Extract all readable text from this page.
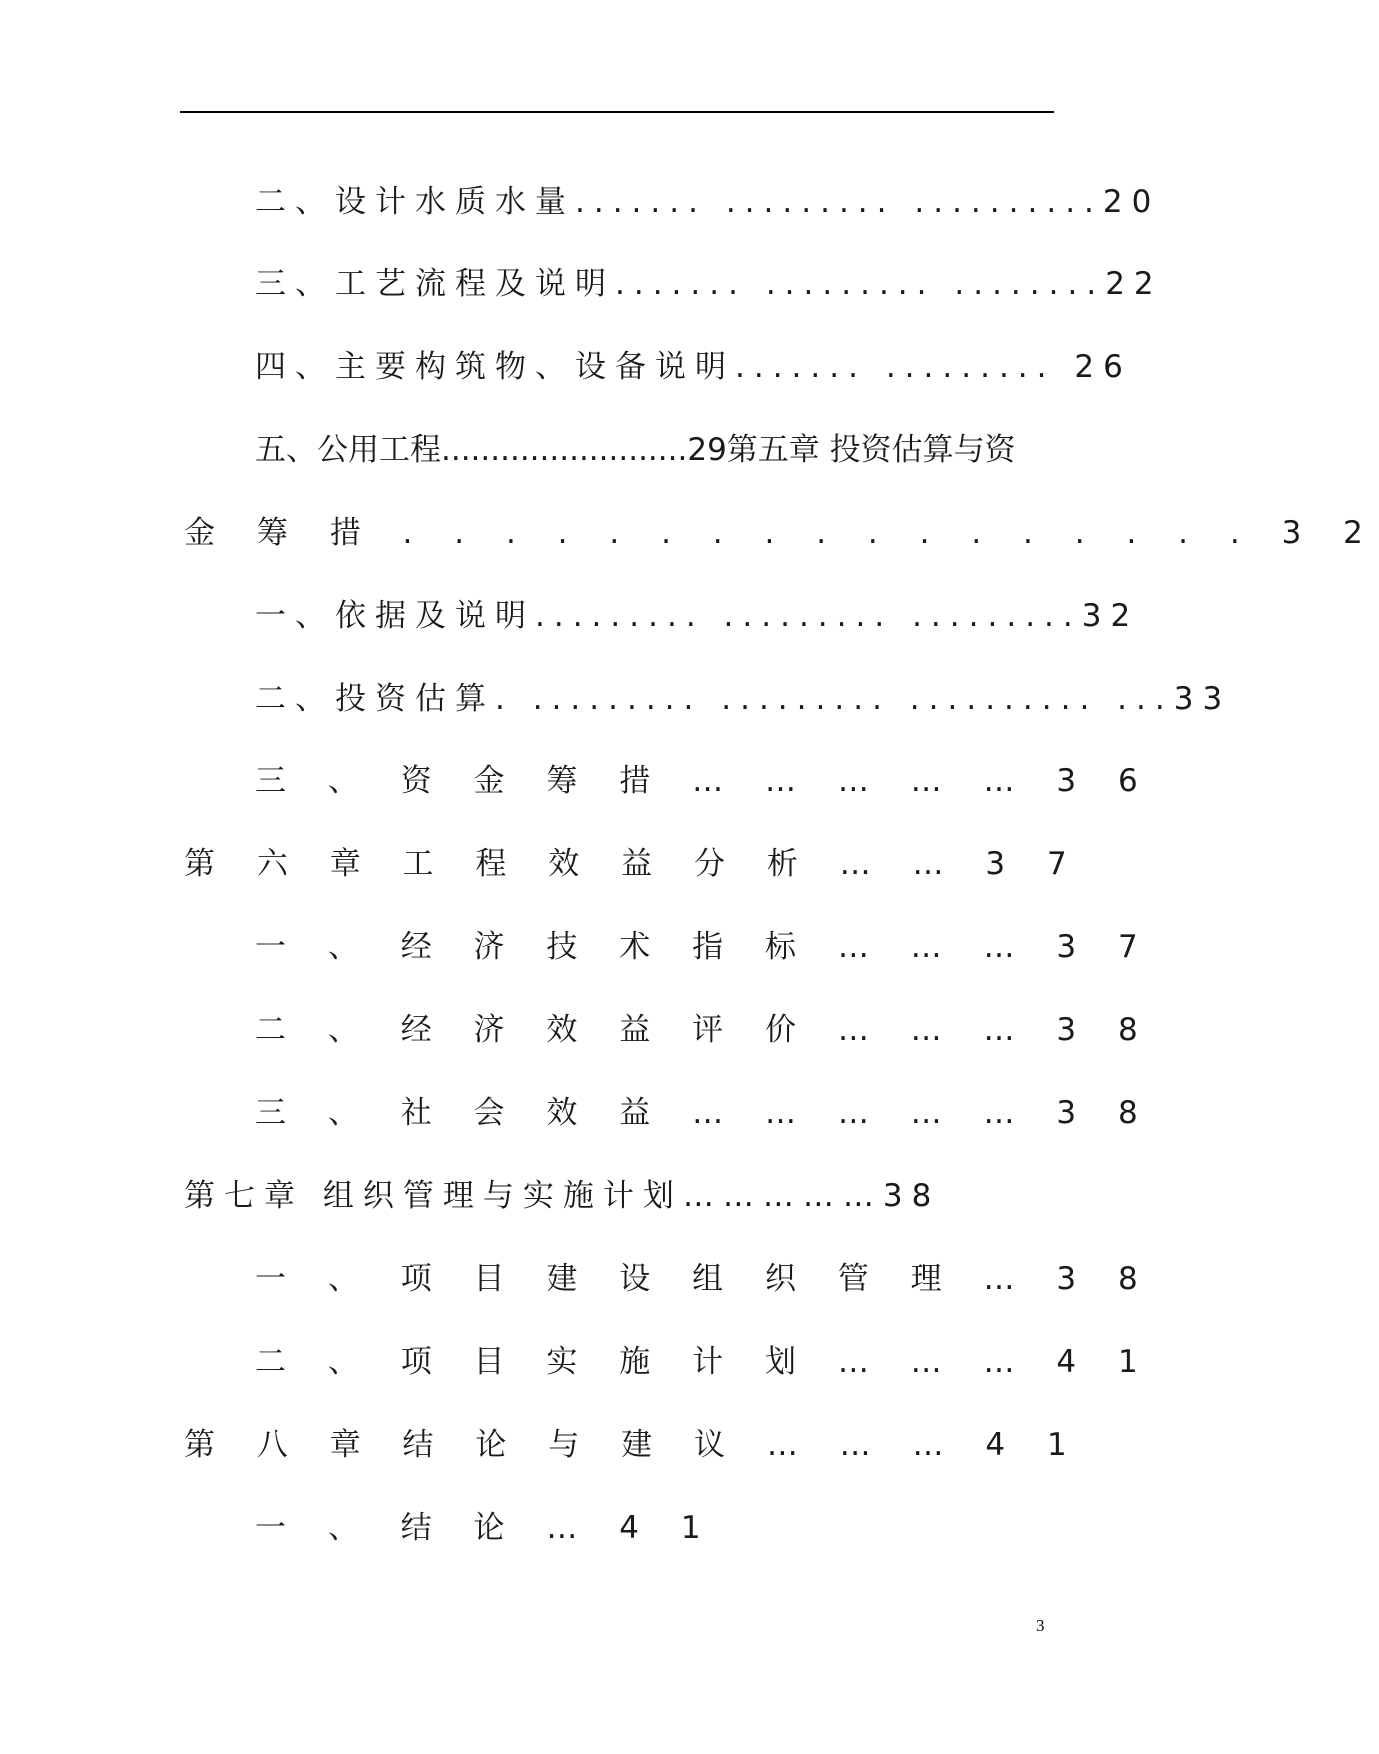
二、设计水质水量....... ......... ..........20
三、工艺流程及说明....... ......... ........22
四、主要构筑物、设备说明....... ......... 26
五、公用工程.........................29第五章 投资估算与资
金 筹 措 . . . . . . . . . . . . . . . . . 3 2
一、依据及说明......... ......... .........32
二、投资估算. ......... ......... .......... ...33
三 、 资 金 筹 措 … … … … … 3 6
第 六 章 工 程 效 益 分 析 … … 3 7
一 、 经 济 技 术 指 标 … … … 3 7
二 、 经 济 效 益 评 价 … … … 3 8
三 、 社 会 效 益 … … … … … 3 8
第七章 组织管理与实施计划……………38
一 、 项 目 建 设 组 织 管 理 … 3 8
二 、 项 目 实 施 计 划 … … … 4 1
第 八 章 结 论 与 建 议 … … … 4 1
一 、 结 论 … 4 1
3
